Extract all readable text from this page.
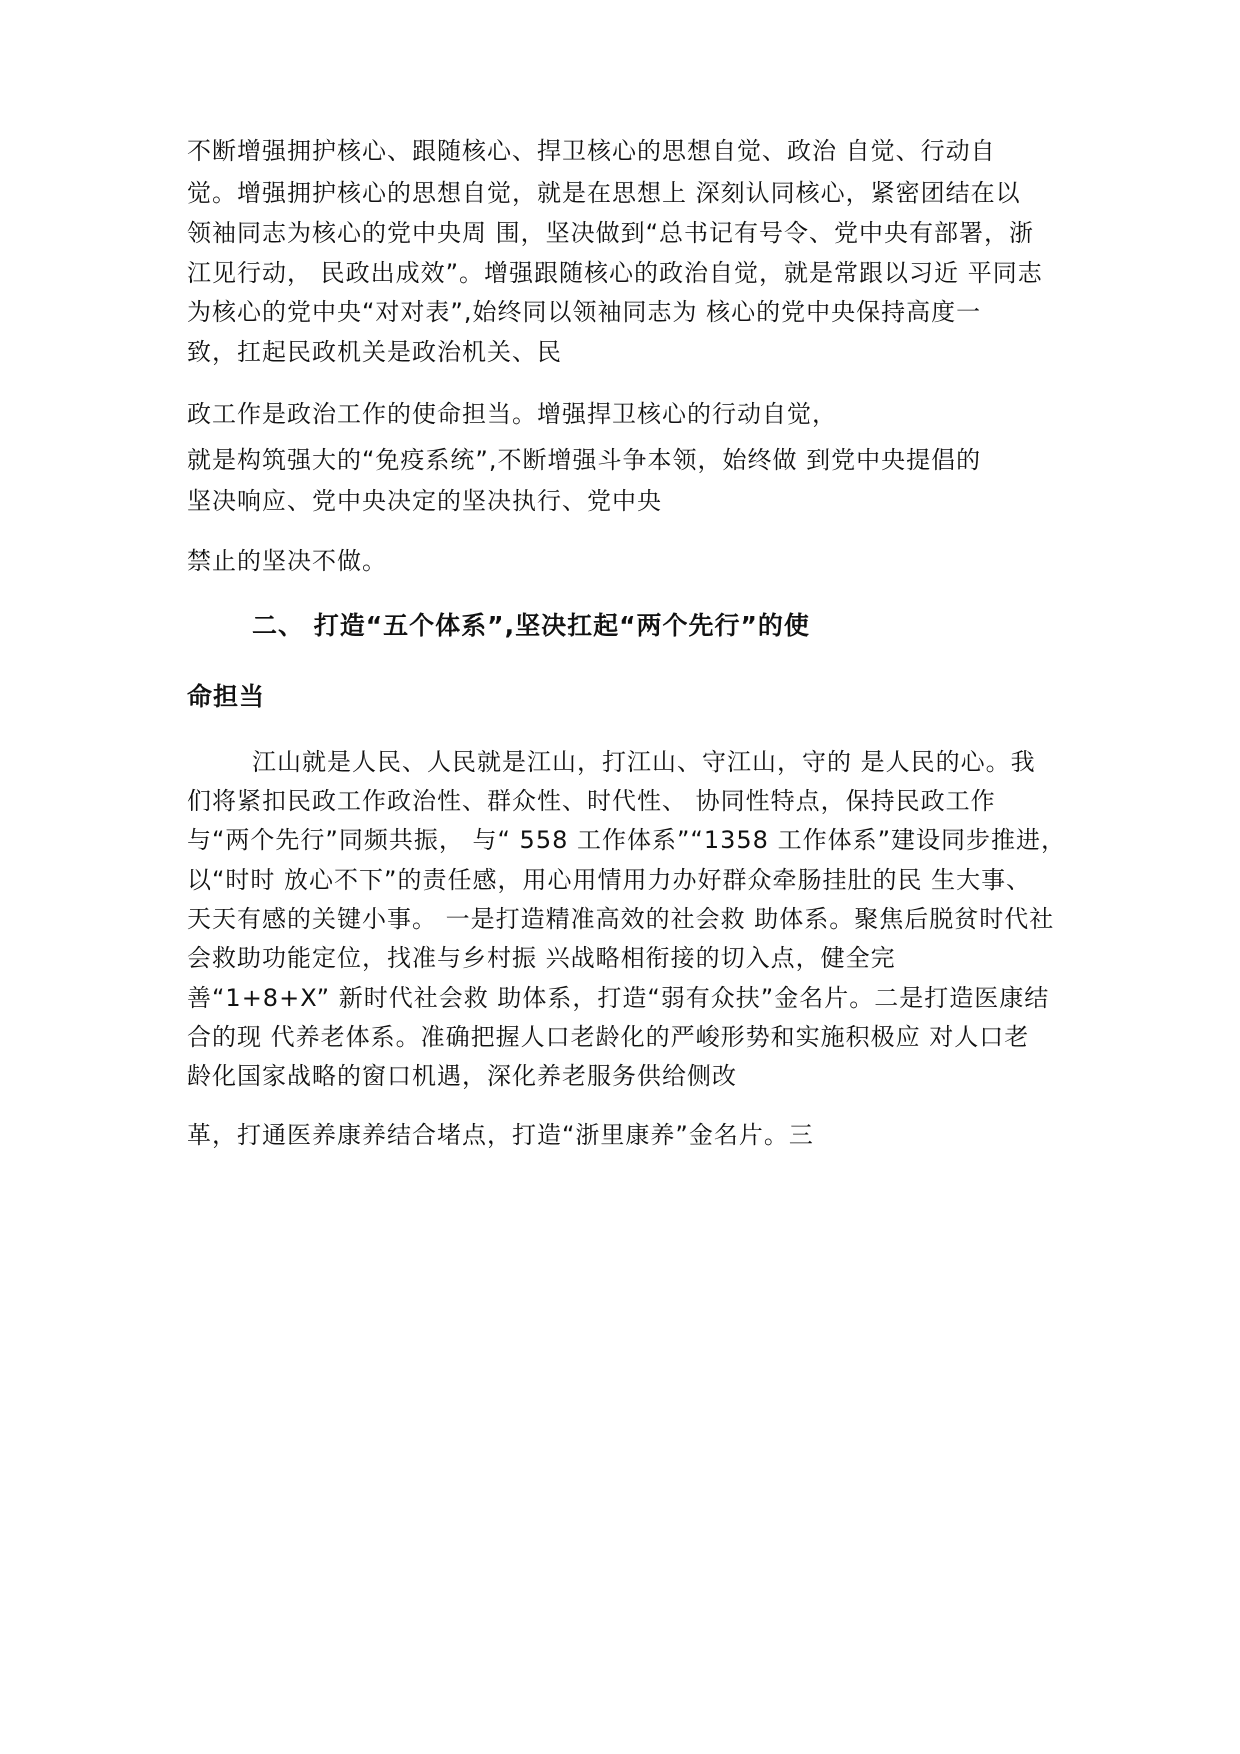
不断增强拥护核心、跟随核心、捍卫核心的思想自觉、政治 自觉、行动自

觉。增强拥护核心的思想自觉，就是在思想上 深刻认同核心，紧密团结在以

领袖同志为核心的党中央周 围，坚决做到“总书记有号令、党中央有部署，浙

江见行动， 民政出成效”。增强跟随核心的政治自觉，就是常跟以习近 平同志

为核心的党中央“对对表”,始终同以领袖同志为 核心的党中央保持高度一

致，扛起民政机关是政治机关、民

政工作是政治工作的使命担当。增强捍卫核心的行动自觉，

就是构筑强大的“免疫系统”,不断增强斗争本领，始终做 到党中央提倡的

坚决响应、党中央决定的坚决执行、党中央

禁止的坚决不做。

二、 打造“五个体系”,坚决扛起“两个先行”的使

命担当

江山就是人民、人民就是江山，打江山、守江山，守的 是人民的心。我

们将紧扣民政工作政治性、群众性、时代性、 协同性特点，保持民政工作

与“两个先行”同频共振， 与“ 558 工作体系”“1358 工作体系”建设同步推进，

以“时时 放心不下”的责任感，用心用情用力办好群众牵肠挂肚的民 生大事、

天天有感的关键小事。 一是打造精准高效的社会救 助体系。聚焦后脱贫时代社

会救助功能定位，找准与乡村振 兴战略相衔接的切入点，健全完

善“1+8+X” 新时代社会救 助体系，打造“弱有众扶”金名片。二是打造医康结

合的现 代养老体系。准确把握人口老龄化的严峻形势和实施积极应 对人口老

龄化国家战略的窗口机遇，深化养老服务供给侧改

革，打通医养康养结合堵点，打造“浙里康养”金名片。三
